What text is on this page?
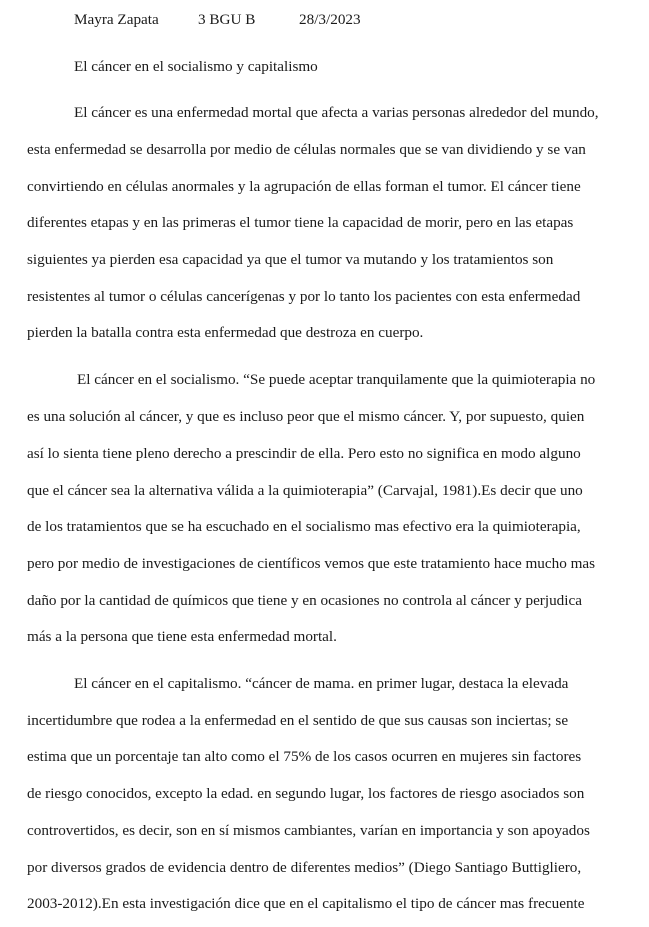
Mayra Zapata	3 BGU B	28/3/2023
El cáncer en el socialismo y capitalismo
El cáncer es una enfermedad mortal que afecta a varias personas alrededor del mundo,
esta enfermedad se desarrolla por medio de células normales que se van dividiendo y se van
convirtiendo en células anormales y la agrupación de ellas forman el tumor. El cáncer tiene
diferentes etapas y en las primeras el tumor tiene la capacidad de morir, pero en las etapas
siguientes ya pierden esa capacidad ya que el tumor va mutando y los tratamientos son
resistentes al tumor o células cancerígenas y por lo tanto los pacientes con esta enfermedad
pierden la batalla contra esta enfermedad que destroza en cuerpo.
El cáncer en el socialismo. “Se puede aceptar tranquilamente que la quimioterapia no
es una solución al cáncer, y que es incluso peor que el mismo cáncer. Y, por supuesto, quien
así lo sienta tiene pleno derecho a prescindir de ella. Pero esto no significa en modo alguno
que el cáncer sea la alternativa válida a la quimioterapia” (Carvajal, 1981).Es decir que uno
de los tratamientos que se ha escuchado en el socialismo mas efectivo era la quimioterapia,
pero por medio de investigaciones de científicos vemos que este tratamiento hace mucho mas
daño por la cantidad de químicos que tiene y en ocasiones no controla al cáncer y perjudica
más a la persona que tiene esta enfermedad mortal.
El cáncer en el capitalismo. “cáncer de mama. en primer lugar, destaca la elevada
incertidumbre que rodea a la enfermedad en el sentido de que sus causas son inciertas; se
estima que un porcentaje tan alto como el 75% de los casos ocurren en mujeres sin factores
de riesgo conocidos, excepto la edad. en segundo lugar, los factores de riesgo asociados son
controvertidos, es decir, son en sí mismos cambiantes, varían en importancia y son apoyados
por diversos grados de evidencia dentro de diferentes medios” (Diego Santiago Buttigliero,
2003-2012).En esta investigación dice que en el capitalismo el tipo de cáncer mas frecuente
